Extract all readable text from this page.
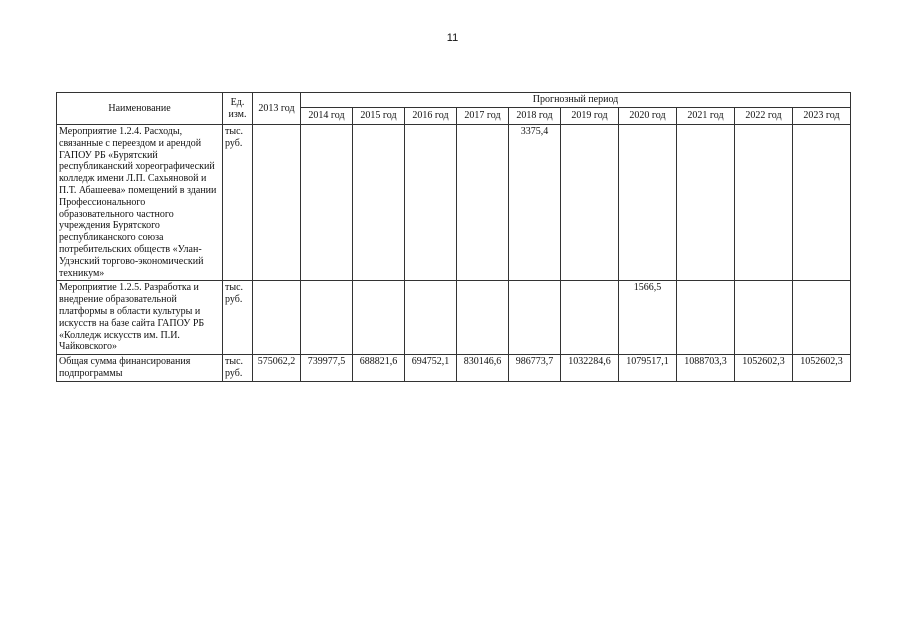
11
Наименование	Ед. изм.	2013 год	Прогнозный период									
			2014 год	2015 год	2016 год	2017 год	2018 год	2019 год	2020 год	2021 год	2022 год	2023 год
Мероприятие 1.2.4. Расходы, связанные с переездом и арендой ГАПОУ РБ «Бурятский республиканский хореографический колледж имени Л.П. Сахьяновой и П.Т. Абашеева» помещений в здании Профессионального образовательного частного учреждения Бурятского республиканского союза потребительских обществ «Улан-Удэнский торгово-экономический техникум»	тыс. руб.						3375,4					
Мероприятие 1.2.5. Разработка и внедрение образовательной платформы в области культуры и искусств на базе сайта ГАПОУ РБ «Колледж искусств им. П.И. Чайковского»	тыс. руб.								1566,5			
Общая сумма финансирования подпрограммы	тыс. руб.	575062,2	739977,5	688821,6	694752,1	830146,6	986773,7	1032284,6	1079517,1	1088703,3	1052602,3	1052602,3
